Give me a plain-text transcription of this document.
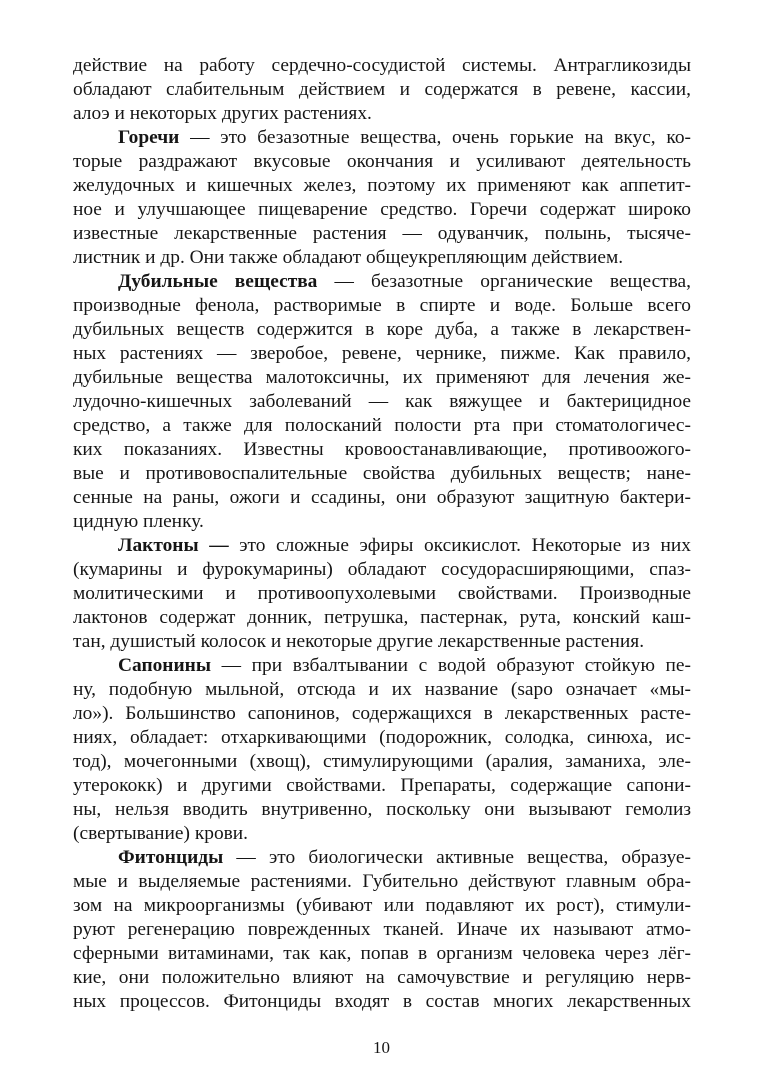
действие на работу сердечно-сосудистой системы. Антрагликозиды
обладают слабительным действием и содержатся в ревене, кассии,
алоэ и некоторых других растениях.
Горечи — это безазотные вещества, очень горькие на вкус, ко-
торые раздражают вкусовые окончания и усиливают деятельность
желудочных и кишечных желез, поэтому их применяют как аппетит-
ное и улучшающее пищеварение средство. Горечи содержат широко
известные лекарственные растения — одуванчик, полынь, тысяче-
листник и др. Они также обладают общеукрепляющим действием.
Дубильные вещества — безазотные органические вещества,
производные фенола, растворимые в спирте и воде. Больше всего
дубильных веществ содержится в коре дуба, а также в лекарствен-
ных растениях — зверобое, ревене, чернике, пижме. Как правило,
дубильные вещества малотоксичны, их применяют для лечения же-
лудочно-кишечных заболеваний — как вяжущее и бактерицидное
средство, а также для полосканий полости рта при стоматологичес-
ких показаниях. Известны кровоостанавливающие, противоожого-
вые и противовоспалительные свойства дубильных веществ; нане-
сенные на раны, ожоги и ссадины, они образуют защитную бактери-
цидную пленку.
Лактоны — это сложные эфиры оксикислот. Некоторые из них
(кумарины и фурокумарины) обладают сосудорасширяющими, спаз-
молитическими и противоопухолевыми свойствами. Производные
лактонов содержат донник, петрушка, пастернак, рута, конский каш-
тан, душистый колосок и некоторые другие лекарственные растения.
Сапонины — при взбалтывании с водой образуют стойкую пе-
ну, подобную мыльной, отсюда и их название (sapo означает «мы-
ло»). Большинство сапонинов, содержащихся в лекарственных расте-
ниях, обладает: отхаркивающими (подорожник, солодка, синюха, ис-
тод), мочегонными (хвощ), стимулирующими (аралия, заманиха, эле-
утерококк) и другими свойствами. Препараты, содержащие сапони-
ны, нельзя вводить внутривенно, поскольку они вызывают гемолиз
(свертывание) крови.
Фитонциды — это биологически активные вещества, образуе-
мые и выделяемые растениями. Губительно действуют главным обра-
зом на микроорганизмы (убивают или подавляют их рост), стимули-
руют регенерацию поврежденных тканей. Иначе их называют атмо-
сферными витаминами, так как, попав в организм человека через лёг-
кие, они положительно влияют на самочувствие и регуляцию нерв-
ных процессов. Фитонциды входят в состав многих лекарственных
10
